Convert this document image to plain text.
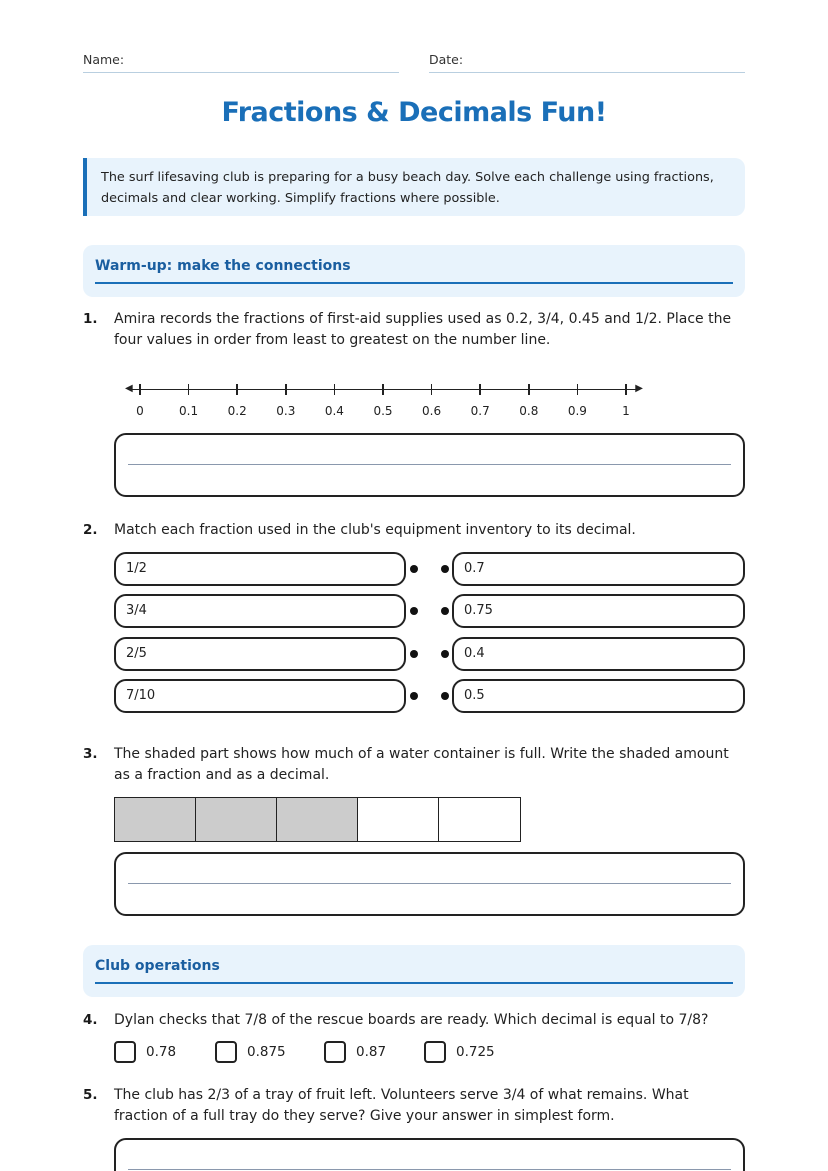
Name:	Date:
Fractions & Decimals Fun!
The surf lifesaving club is preparing for a busy beach day. Solve each challenge using fractions, decimals and clear working. Simplify fractions where possible.
Warm-up: make the connections
1. Amira records the fractions of first-aid supplies used as 0.2, 3/4, 0.45 and 1/2. Place the four values in order from least to greatest on the number line.
◀	▶
0	0.1	0.2	0.3	0.4	0.5	0.6	0.7	0.8	0.9	1
2. Match each fraction used in the club's equipment inventory to its decimal.
1/2	0.7
3/4	0.75
2/5	0.4
7/10	0.5
3. The shaded part shows how much of a water container is full. Write the shaded amount as a fraction and as a decimal.
Club operations
4. Dylan checks that 7/8 of the rescue boards are ready. Which decimal is equal to 7/8?
0.78	0.875	0.87	0.725
5. The club has 2/3 of a tray of fruit left. Volunteers serve 3/4 of what remains. What fraction of a full tray do they serve? Give your answer in simplest form.
